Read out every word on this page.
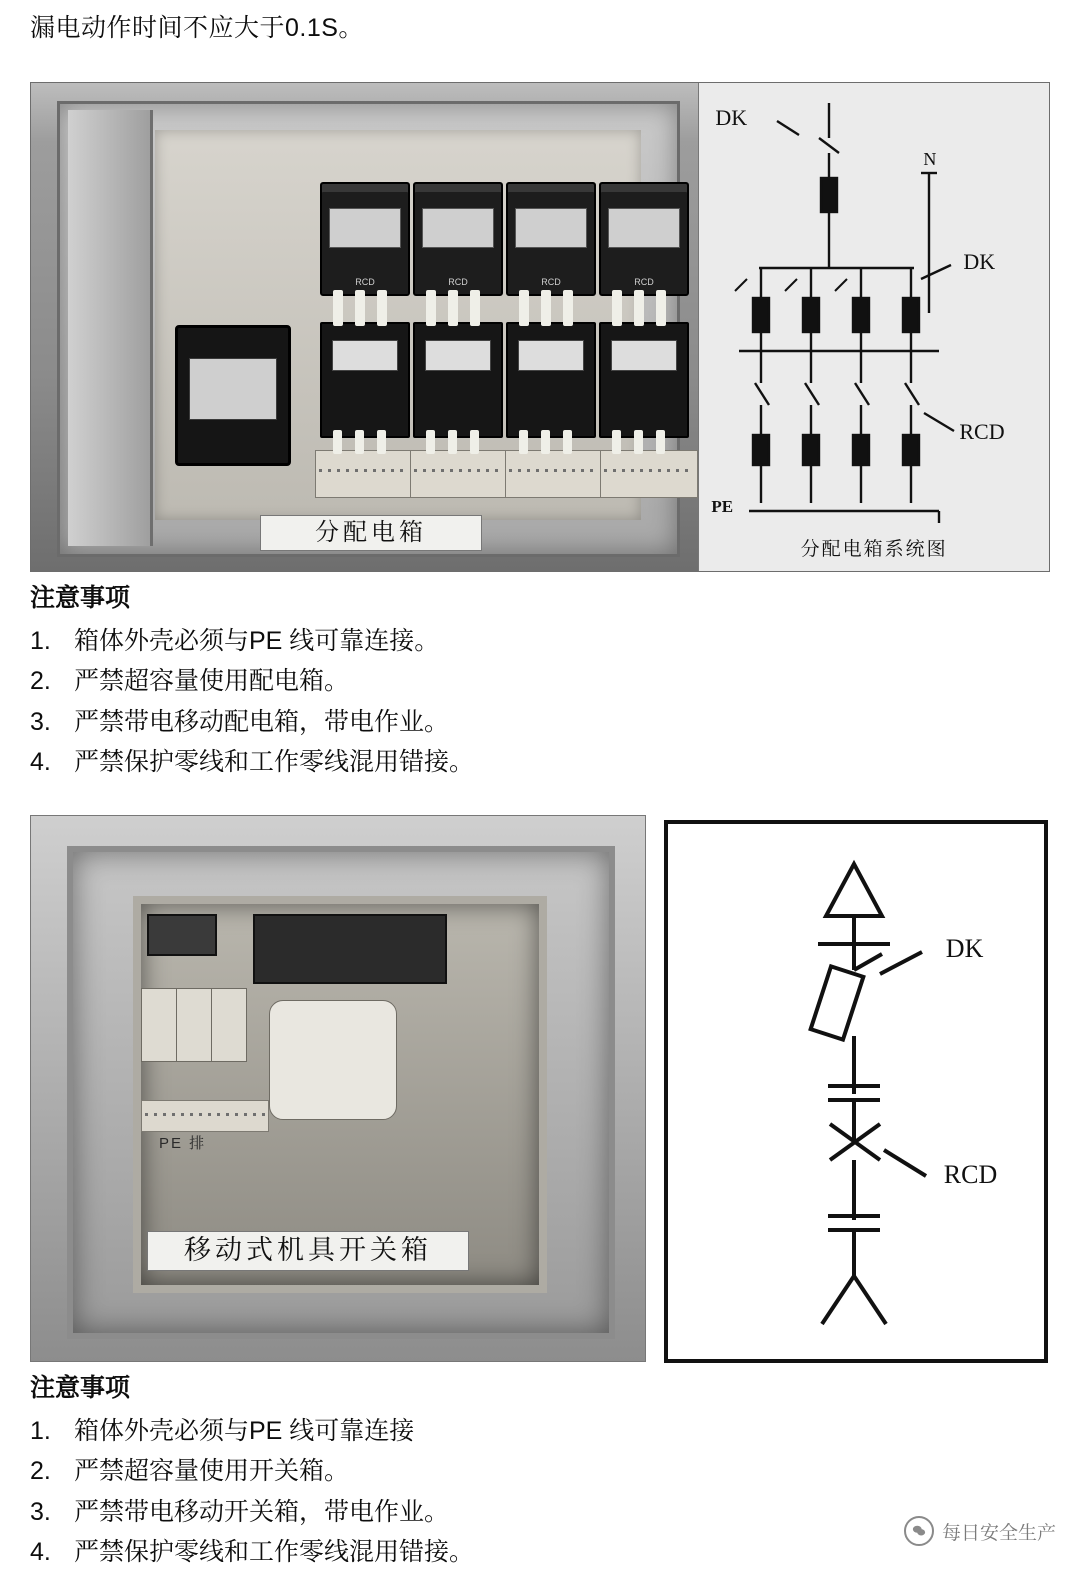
漏电动作时间不应大于0.1S。
RCD	RCD	RCD	RCD
分配电箱
DK
DK
RCD
PE
N
分配电箱系统图
注意事项
1. 箱体外壳必须与PE 线可靠连接。
2. 严禁超容量使用配电箱。
3. 严禁带电移动配电箱，带电作业。
4. 严禁保护零线和工作零线混用错接。
PE 排
移动式机具开关箱
DK
RCD
注意事项
1. 箱体外壳必须与PE 线可靠连接
2. 严禁超容量使用开关箱。
3. 严禁带电移动开关箱，带电作业。
4. 严禁保护零线和工作零线混用错接。
每日安全生产
